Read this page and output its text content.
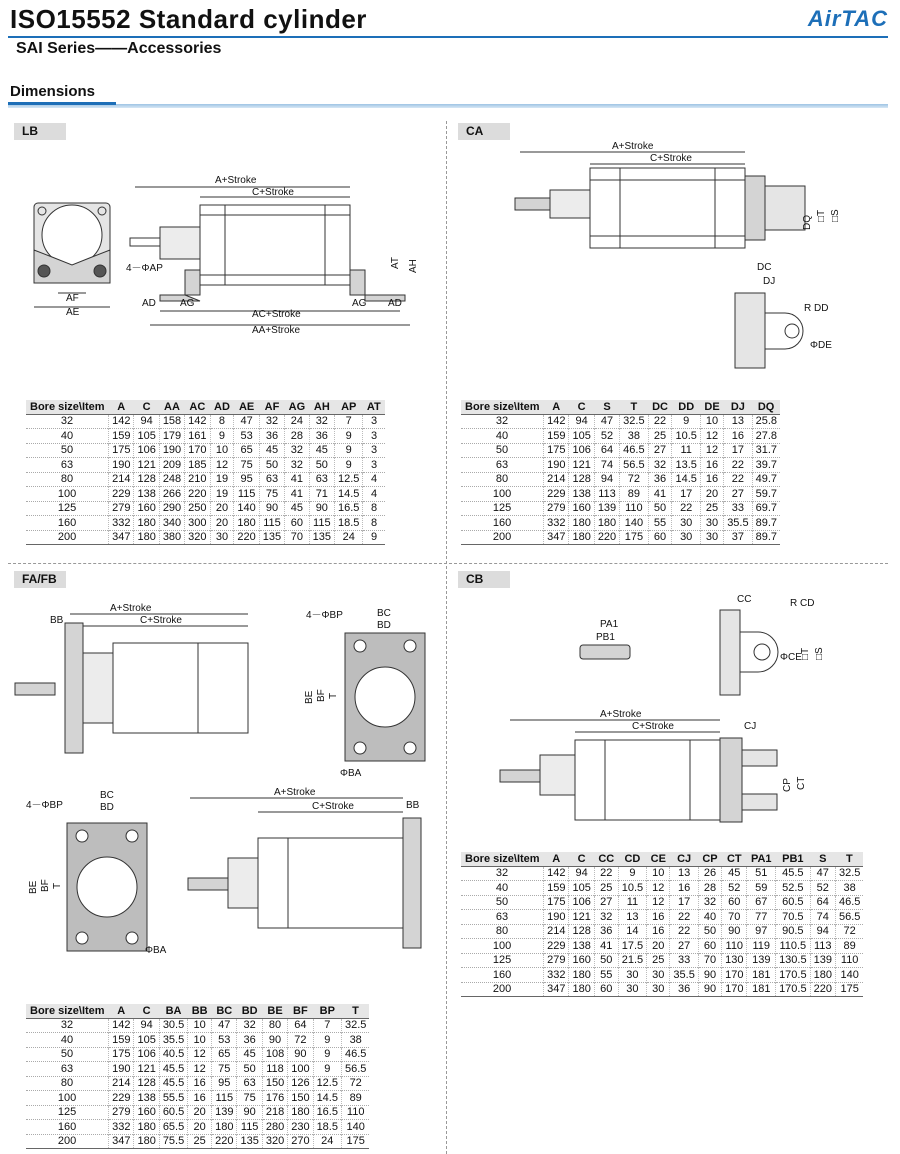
ISO15552 Standard cylinder	AirTAC
SAI Series——Accessories
Dimensions
LB
AF
AE
A+Stroke
C+Stroke
4－ΦAP	AT AH
AD AG	AG AD
AC+Stroke
AA+Stroke
Bore size\Item	A	C	AA	AC	AD	AE	AF	AG	AH	AP	AT
32	142	94	158	142	8	47	32	24	32	7	3
40	159	105	179	161	9	53	36	28	36	9	3
50	175	106	190	170	10	65	45	32	45	9	3
63	190	121	209	185	12	75	50	32	50	9	3
80	214	128	248	210	19	95	63	41	63	12.5	4
100	229	138	266	220	19	115	75	41	71	14.5	4
125	279	160	290	250	20	140	90	45	90	16.5	8
160	332	180	340	300	20	180	115	60	115	18.5	8
200	347	180	380	320	30	220	135	70	135	24	9
CA
A+Stroke
C+Stroke
DQ □T □S
DC
DJ
R DD
ΦDE
Bore size\Item	A	C	S	T	DC	DD	DE	DJ	DQ
32	142	94	47	32.5	22	9	10	13	25.8
40	159	105	52	38	25	10.5	12	16	27.8
50	175	106	64	46.5	27	11	12	17	31.7
63	190	121	74	56.5	32	13.5	16	22	39.7
80	214	128	94	72	36	14.5	16	22	49.7
100	229	138	113	89	41	17	20	27	59.7
125	279	160	139	110	50	22	25	33	69.7
160	332	180	180	140	55	30	30	35.5	89.7
200	347	180	220	175	60	30	30	37	89.7
FA/FB
A+Stroke
C+Stroke
BB	4－ΦBP	BC
BD
BE BF T
ΦBA
4－ΦBP
BC
BD
BE BF T
ΦBA
A+Stroke
C+Stroke	BB
Bore size\Item	A	C	BA	BB	BC	BD	BE	BF	BP	T
32	142	94	30.5	10	47	32	80	64	7	32.5
40	159	105	35.5	10	53	36	90	72	9	38
50	175	106	40.5	12	65	45	108	90	9	46.5
63	190	121	45.5	12	75	50	118	100	9	56.5
80	214	128	45.5	16	95	63	150	126	12.5	72
100	229	138	55.5	16	115	75	176	150	14.5	89
125	279	160	60.5	20	139	90	218	180	16.5	110
160	332	180	65.5	20	180	115	280	230	18.5	140
200	347	180	75.5	25	220	135	320	270	24	175
CB
PA1
PB1
CC	R CD
ΦCE
□T □S
A+Stroke
C+Stroke	CJ
CP CT
Bore size\Item	A	C	CC	CD	CE	CJ	CP	CT	PA1	PB1	S	T
32	142	94	22	9	10	13	26	45	51	45.5	47	32.5
40	159	105	25	10.5	12	16	28	52	59	52.5	52	38
50	175	106	27	11	12	17	32	60	67	60.5	64	46.5
63	190	121	32	13	16	22	40	70	77	70.5	74	56.5
80	214	128	36	14	16	22	50	90	97	90.5	94	72
100	229	138	41	17.5	20	27	60	110	119	110.5	113	89
125	279	160	50	21.5	25	33	70	130	139	130.5	139	110
160	332	180	55	30	30	35.5	90	170	181	170.5	180	140
200	347	180	60	30	30	36	90	170	181	170.5	220	175
